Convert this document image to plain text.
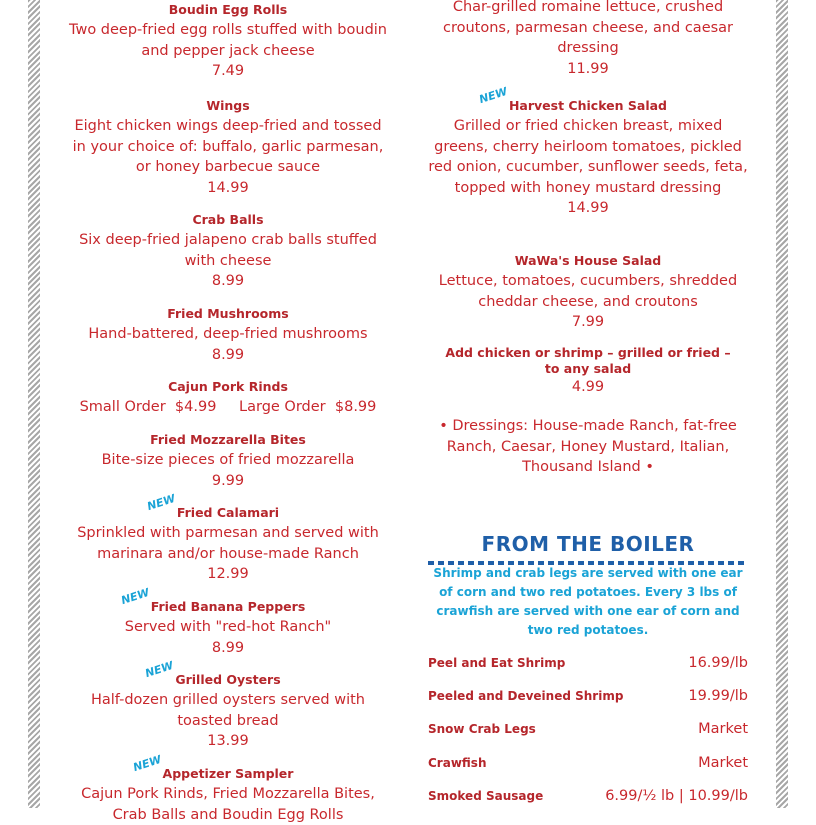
Boudin Egg Rolls
Two deep-fried egg rolls stuffed with boudin and pepper jack cheese
7.49
Wings
Eight chicken wings deep-fried and tossed in your choice of: buffalo, garlic parmesan, or honey barbecue sauce
14.99
Crab Balls
Six deep-fried jalapeno crab balls stuffed with cheese
8.99
Fried Mushrooms
Hand-battered, deep-fried mushrooms
8.99
Cajun Pork Rinds
Small Order $4.99 Large Order $8.99
Fried Mozzarella Bites
Bite-size pieces of fried mozzarella
9.99
NEW Fried Calamari
Sprinkled with parmesan and served with marinara and/or house-made Ranch
12.99
NEW Fried Banana Peppers
Served with "red-hot Ranch"
8.99
NEW Grilled Oysters
Half-dozen grilled oysters served with toasted bread
13.99
NEW Appetizer Sampler
Cajun Pork Rinds, Fried Mozzarella Bites, Crab Balls and Boudin Egg Rolls
Char-grilled romaine lettuce, crushed croutons, parmesan cheese, and caesar dressing
11.99
NEW Harvest Chicken Salad
Grilled or fried chicken breast, mixed greens, cherry heirloom tomatoes, pickled red onion, cucumber, sunflower seeds, feta, topped with honey mustard dressing
14.99
WaWa's House Salad
Lettuce, tomatoes, cucumbers, shredded cheddar cheese, and croutons
7.99
Add chicken or shrimp – grilled or fried – to any salad
4.99
• Dressings: House-made Ranch, fat-free Ranch, Caesar, Honey Mustard, Italian, Thousand Island •
FROM THE BOILER
Shrimp and crab legs are served with one ear of corn and two red potatoes. Every 3 lbs of crawfish are served with one ear of corn and two red potatoes.
Peel and Eat Shrimp	16.99/lb
Peeled and Deveined Shrimp	19.99/lb
Snow Crab Legs	Market
Crawfish	Market
Smoked Sausage	6.99/½ lb | 10.99/lb
